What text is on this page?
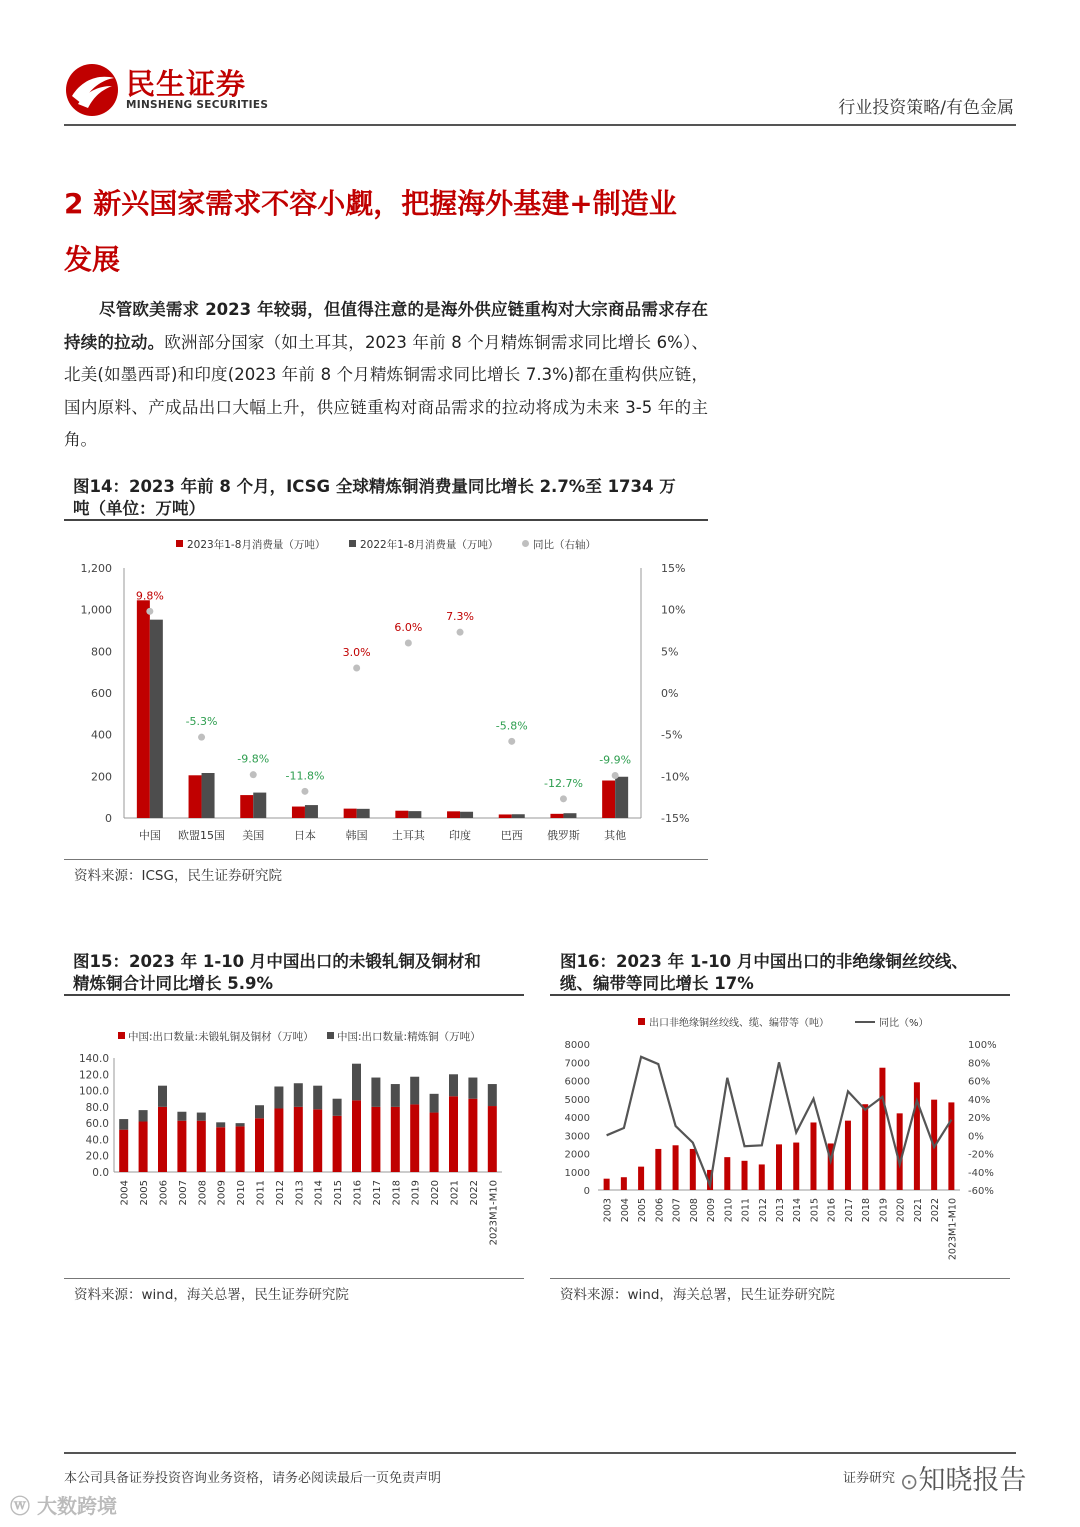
民生证券
MINSHENG SECURITIES	行业投资策略/有色金属
2 新兴国家需求不容小觑，把握海外基建+制造业
发展
尽管欧美需求 2023 年较弱，但值得注意的是海外供应链重构对大宗商品需求存在持续的拉动。欧洲部分国家（如土耳其，2023 年前 8 个月精炼铜需求同比增长 6%）、北美(如墨西哥)和印度(2023 年前 8 个月精炼铜需求同比增长 7.3%)都在重构供应链，国内原料、产成品出口大幅上升，供应链重构对商品需求的拉动将成为未来 3-5 年的主角。
图14：2023 年前 8 个月，ICSG 全球精炼铜消费量同比增长 2.7%至 1734 万
吨（单位：万吨）
2023年1-8月消费量（万吨）	2022年1-8月消费量（万吨）	同比（右轴）
0
200
400
600
800
1,000
1,200
-15%
-10%
-5%
0%
5%
10%
15%
9.8%
中国
-5.3%
欧盟15国
-9.8%
美国
-11.8%
日本
3.0%
韩国
6.0%
土耳其
7.3%
印度
-5.8%
巴西
-12.7%
俄罗斯
-9.9%
其他
资料来源：ICSG，民生证券研究院
图15：2023 年 1-10 月中国出口的未锻轧铜及铜材和
精炼铜合计同比增长 5.9%
中国:出口数量:未锻轧铜及铜材（万吨） 中国:出口数量:精炼铜（万吨）
0.0
20.0
40.0
60.0
80.0
100.0
120.0
140.0
2004 2005 2006 2007 2008 2009 2010 2011 2012 2013 2014 2015 2016 2017 2018 2019 2020 2021 2022 2023M1-M10
资料来源：wind，海关总署，民生证券研究院
图16：2023 年 1-10 月中国出口的非绝缘铜丝绞线、
缆、编带等同比增长 17%
出口非绝缘铜丝绞线、缆、编带等（吨）	同比（%）
0
1000
2000
3000
4000
5000
6000
7000
8000
-60%
-40%
-20%
0%
20%
40%
60%
80%
100%
2003 2004 2005 2006 2007 2008 2009 2010 2011 2012 2013 2014 2015 2016 2017 2018 2019 2020 2021 2022 2023M1-M10
资料来源：wind，海关总署，民生证券研究院
本公司具备证券投资咨询业务资格，请务必阅读最后一页免责声明	证券研究 ⊙知晓报告
ⓦ 大数跨境
